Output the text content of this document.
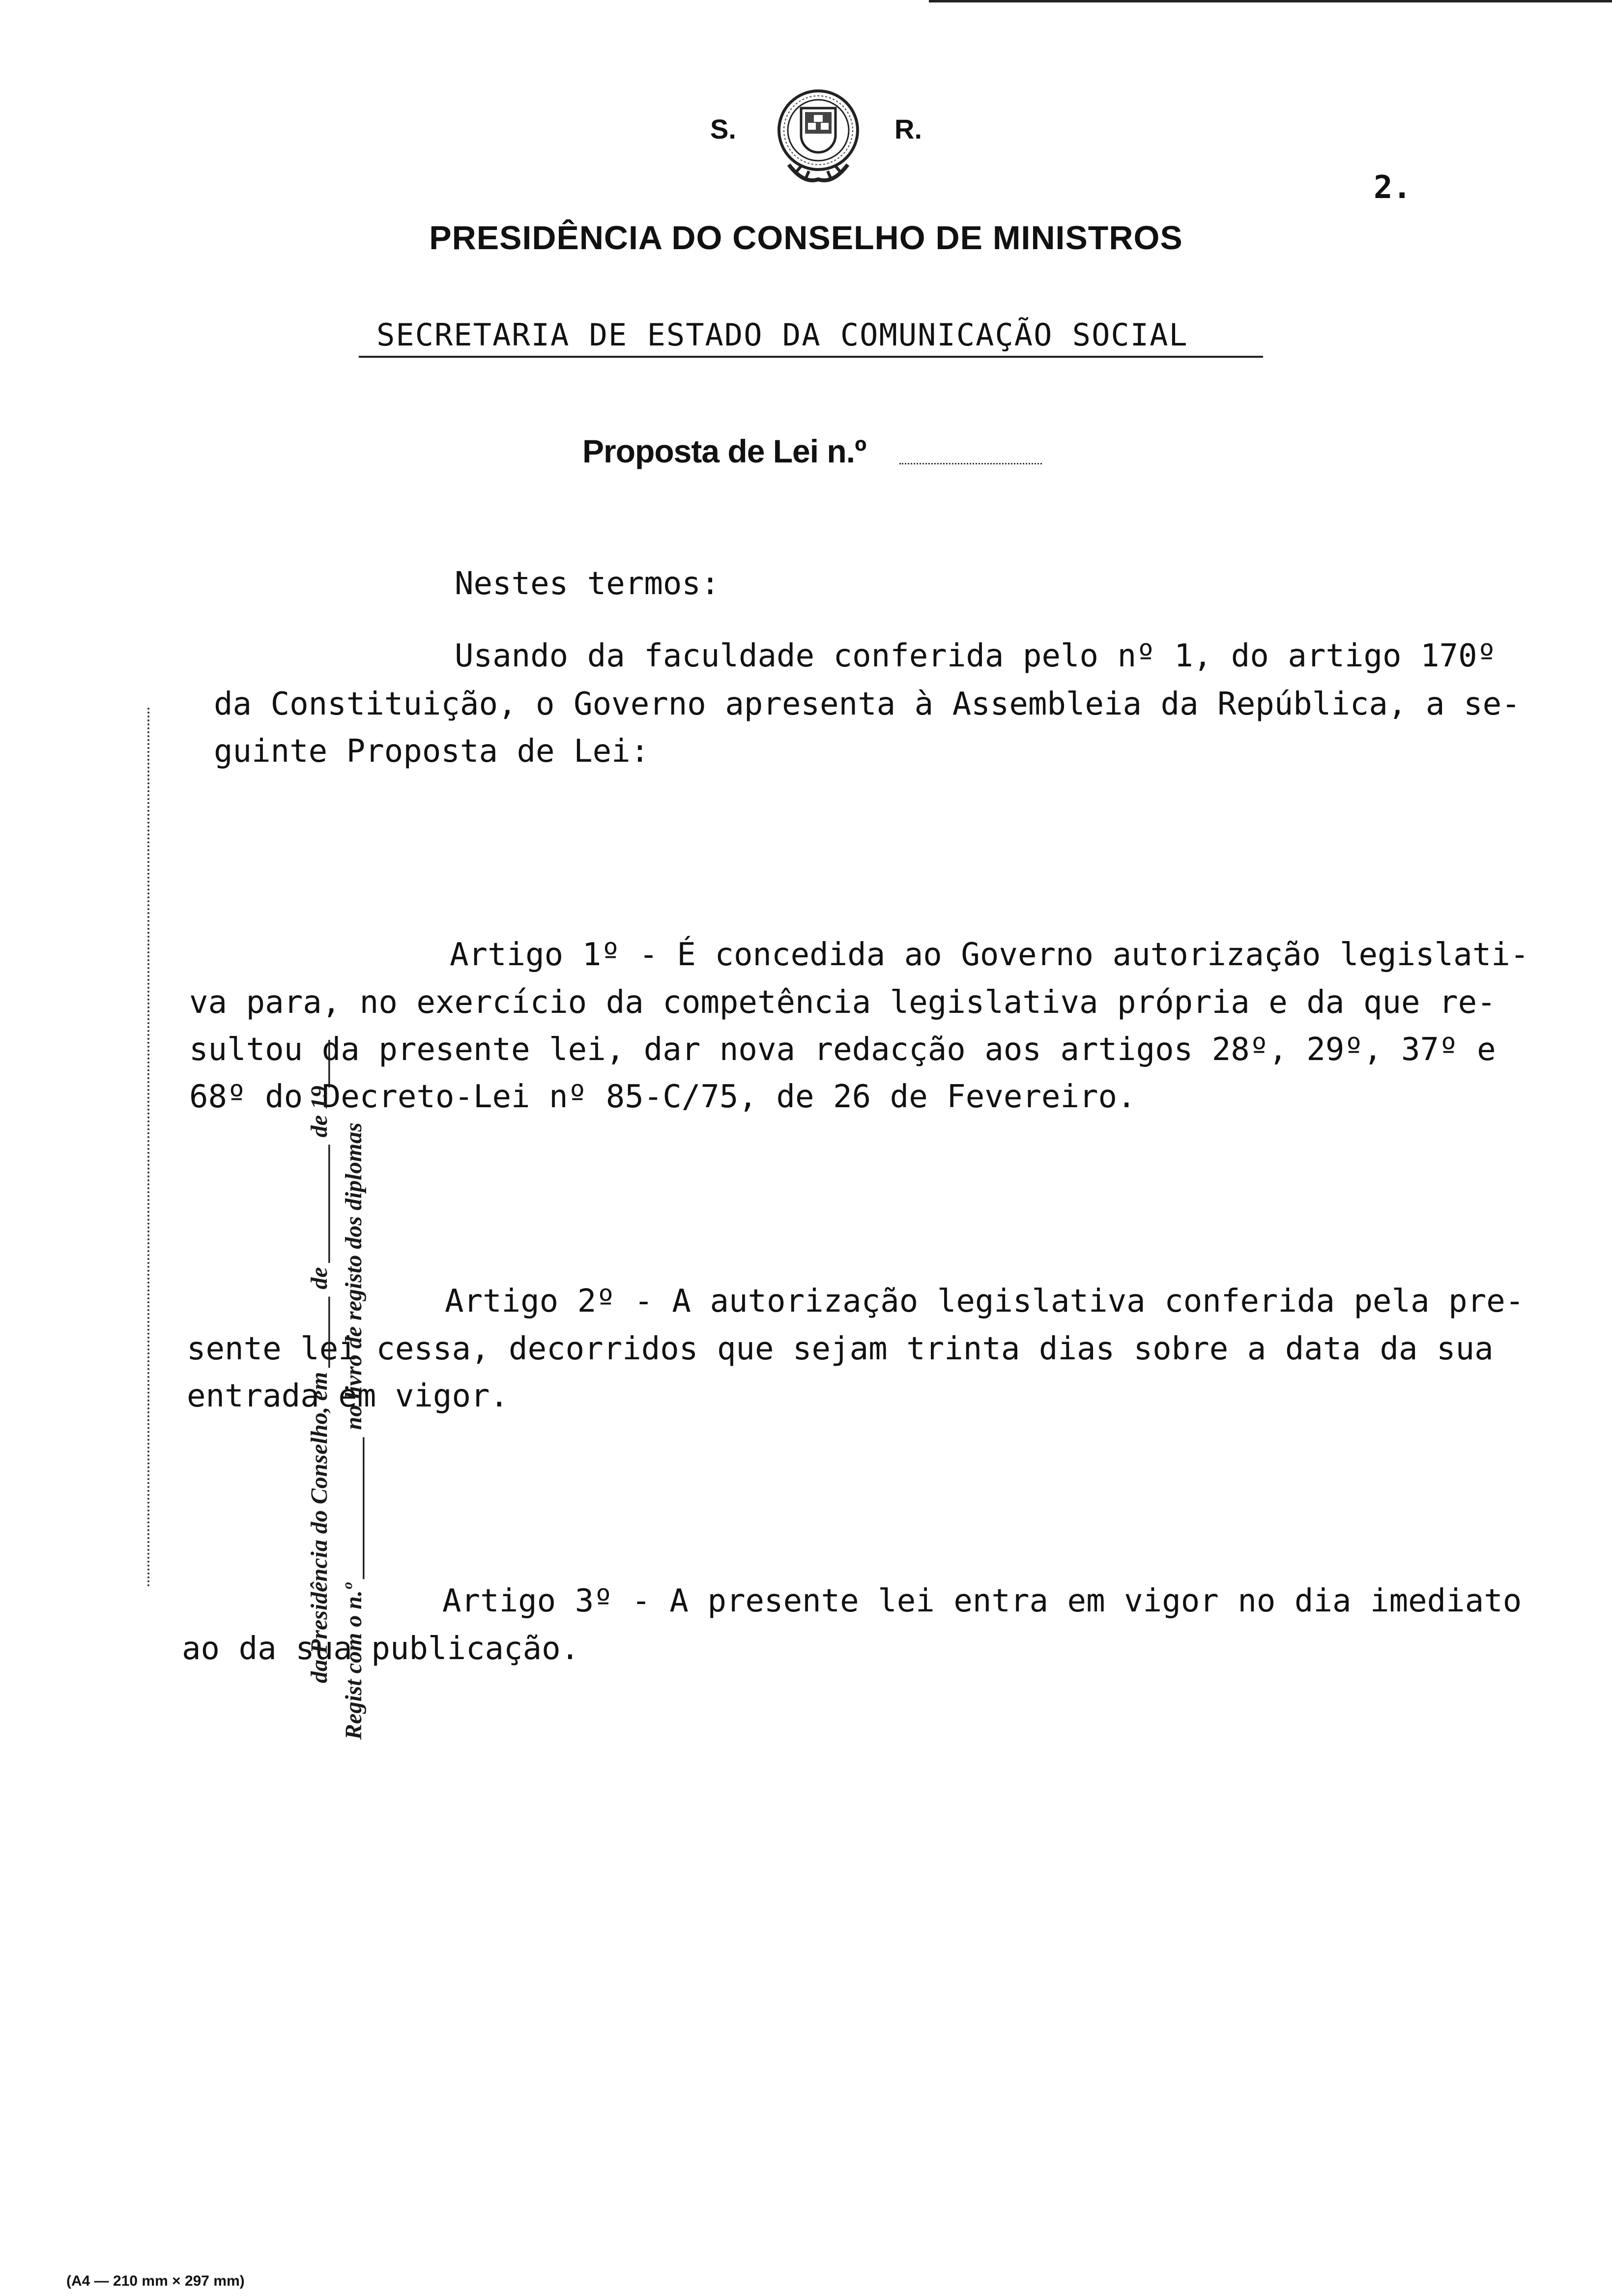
S.	R.
2.
PRESIDÊNCIA DO CONSELHO DE MINISTROS
SECRETARIA DE ESTADO DA COMUNICAÇÃO SOCIAL
Proposta de Lei n.º
Nestes termos:
Usando da faculdade conferida pelo nº 1, do artigo 170º
da Constituição, o Governo apresenta à Assembleia da República, a se-
guinte Proposta de Lei:
Artigo 1º - É concedida ao Governo autorização legislati-
va para, no exercício da competência legislativa própria e da que re-
sultou da presente lei, dar nova redacção aos artigos 28º, 29º, 37º e
68º do Decreto-Lei nº 85-C/75, de 26 de Fevereiro.
Artigo 2º - A autorização legislativa conferida pela pre-
sente lei cessa, decorridos que sejam trinta dias sobre a data da sua
entrada em vigor.
Artigo 3º - A presente lei entra em vigor no dia imediato
ao da sua publicação.
Regist com o n.º ____________ no livro de registo dos diplomas
da Presidência do Conselho, em ______ de __________ de 19____
(A4 — 210 mm × 297 mm)
